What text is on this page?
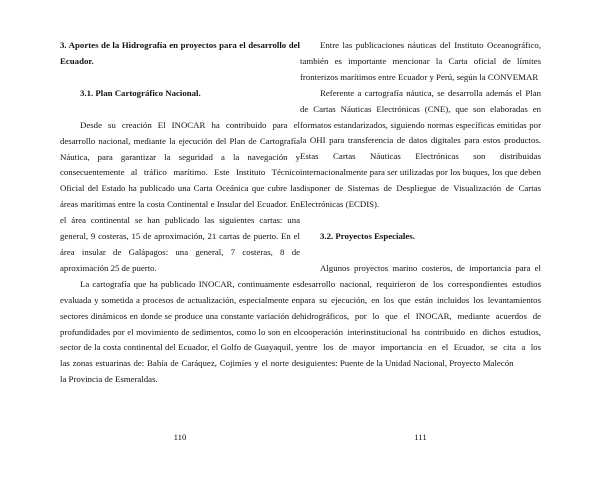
3. Aportes de la Hidrografía en proyectos para el desarrollo del Ecuador.

3.1. Plan Cartográfico Nacional.

Desde su creación El INOCAR ha contribuido para el desarrollo nacional, mediante la ejecución del Plan de Cartografía Náutica, para garantizar la seguridad a la navegación y consecuentemente al tráfico marítimo. Este Instituto Técnico Oficial del Estado ha publicado una Carta Oceánica que cubre las áreas marítimas entre la costa Continental e Insular del Ecuador. En el área continental se han publicado las siguientes cartas: una general, 9 costeras, 15 de aproximación, 21 cartas de puerto. En el área insular de Galápagos: una general, 7 costeras, 8 de aproximación 25 de puerto.

La cartografía que ha publicado INOCAR, continuamente es evaluada y sometida a procesos de actualización, especialmente en sectores dinámicos en donde se produce una constante variación de profundidades por el movimiento de sedimentos, como lo son en el sector de la costa continental del Ecuador, el Golfo de Guayaquil, y las zonas estuarinas de: Bahía de Caráquez, Cojimíes y el norte de la Provincia de Esmeraldas.

110

Entre las publicaciones náuticas del Instituto Oceanográfico, también es importante mencionar la Carta oficial de límites fronterizos marítimos entre Ecuador y Perú, según la CONVEMAR

Referente a cartografía náutica, se desarrolla además el Plan de Cartas Náuticas Electrónicas (CNE), que son elaboradas en formatos estandarizados, siguiendo normas específicas emitidas por la OHI para transferencia de datos digitales para estos productos. Estas Cartas Náuticas Electrónicas son distribuidas internacionalmente para ser utilizadas por los buques, los que deben disponer de Sistemas de Despliegue de Visualización de Cartas Electrónicas (ECDIS).

3.2. Proyectos Especiales.

Algunos proyectos marino costeros, de importancia para el desarrollo nacional, requirieron de los correspondientes estudios para su ejecución, en los que están incluidos los levantamientos hidrográficos, por lo que el INOCAR, mediante acuerdos de cooperación interinstitucional ha contribuido en dichos estudios, entre los de mayor importancia en el Ecuador, se cita a los siguientes: Puente de la Unidad Nacional, Proyecto Malecón

111
